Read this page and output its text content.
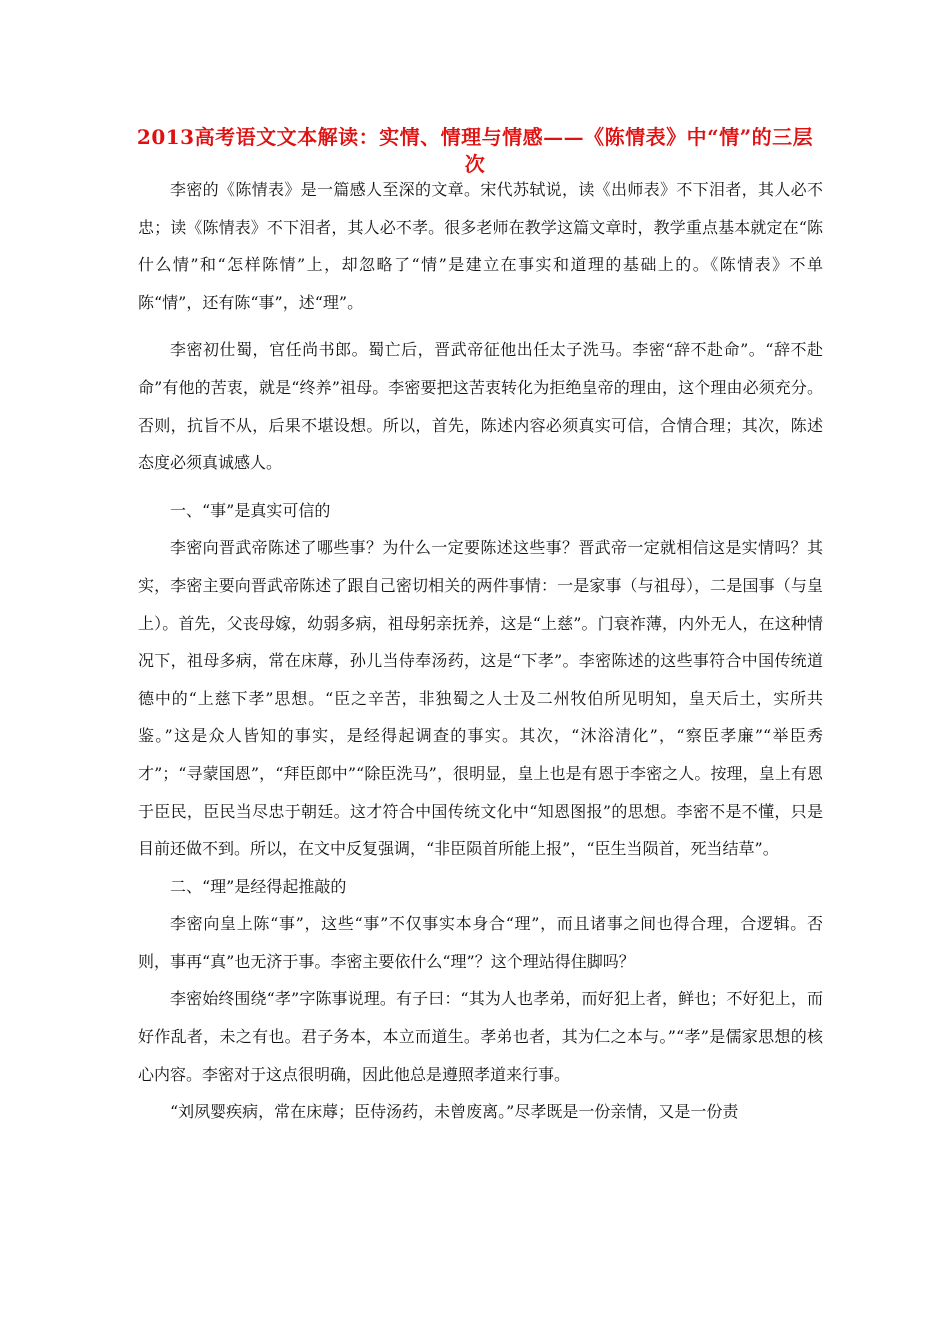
2013高考语文文本解读：实情、情理与情感——《陈情表》中“情”的三层次

李密的《陈情表》是一篇感人至深的文章。宋代苏轼说，读《出师表》不下泪者，其人必不忠；读《陈情表》不下泪者，其人必不孝。很多老师在教学这篇文章时，教学重点基本就定在“陈什么情”和“怎样陈情”上，却忽略了“情”是建立在事实和道理的基础上的。《陈情表》不单陈“情”，还有陈“事”，述“理”。

李密初仕蜀，官任尚书郎。蜀亡后，晋武帝征他出任太子洗马。李密“辞不赴命”。“辞不赴命”有他的苦衷，就是“终养”祖母。李密要把这苦衷转化为拒绝皇帝的理由，这个理由必须充分。否则，抗旨不从，后果不堪设想。所以，首先，陈述内容必须真实可信，合情合理；其次，陈述态度必须真诚感人。

一、“事”是真实可信的

李密向晋武帝陈述了哪些事？为什么一定要陈述这些事？晋武帝一定就相信这是实情吗？其实，李密主要向晋武帝陈述了跟自己密切相关的两件事情：一是家事（与祖母），二是国事（与皇上）。首先，父丧母嫁，幼弱多病，祖母躬亲抚养，这是“上慈”。门衰祚薄，内外无人，在这种情况下，祖母多病，常在床蓐，孙儿当侍奉汤药，这是“下孝”。李密陈述的这些事符合中国传统道德中的“上慈下孝”思想。“臣之辛苦，非独蜀之人士及二州牧伯所见明知，皇天后土，实所共鉴。”这是众人皆知的事实，是经得起调查的事实。其次，“沐浴清化”，“察臣孝廉”“举臣秀才”；“寻蒙国恩”，“拜臣郎中”“除臣洗马”，很明显，皇上也是有恩于李密之人。按理，皇上有恩于臣民，臣民当尽忠于朝廷。这才符合中国传统文化中“知恩图报”的思想。李密不是不懂，只是目前还做不到。所以，在文中反复强调，“非臣陨首所能上报”，“臣生当陨首，死当结草”。

二、“理”是经得起推敲的

李密向皇上陈“事”，这些“事”不仅事实本身合“理”，而且诸事之间也得合理，合逻辑。否则，事再“真”也无济于事。李密主要依什么“理”？这个理站得住脚吗？

李密始终围绕“孝”字陈事说理。有子曰：“其为人也孝弟，而好犯上者，鲜也；不好犯上，而好作乱者，未之有也。君子务本，本立而道生。孝弟也者，其为仁之本与。”“孝”是儒家思想的核心内容。李密对于这点很明确，因此他总是遵照孝道来行事。

“刘夙婴疾病，常在床蓐；臣侍汤药，未曾废离。”尽孝既是一份亲情，又是一份责
